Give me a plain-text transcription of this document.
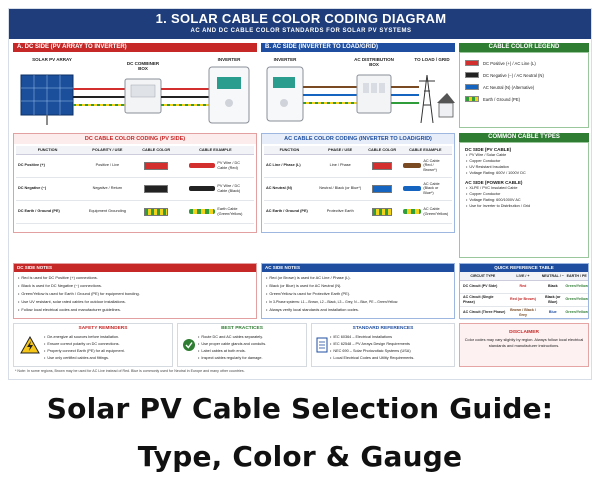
1. SOLAR CABLE COLOR CODING DIAGRAM
AC AND DC CABLE COLOR STANDARDS FOR SOLAR PV SYSTEMS
A. DC SIDE (PV ARRAY TO INVERTER)
SOLAR PV ARRAY
DC COMBINER BOX
INVERTER
B. AC SIDE (INVERTER TO LOAD/GRID)
INVERTER	AC DISTRIBUTION BOX
TO LOAD / GRID
CABLE COLOR LEGEND
DC Positive (+) / AC Line (L)
DC Negative (−) / AC Neutral (N)
AC Neutral (N) (Alternative)
Earth / Ground (PE)
DC CABLE COLOR CODING (PV SIDE)
FUNCTION	POLARITY / USE	CABLE COLOR	CABLE EXAMPLE
DC Positive (+)	Positive / Live		PV Wire / DC Cable (Red)
DC Negative (−)	Negative / Return		PV Wire / DC Cable (Black)
DC Earth / Ground (PE)	Equipment Grounding		Earth Cable (Green/Yellow)
AC CABLE COLOR CODING (INVERTER TO LOAD/GRID)
FUNCTION	PHASE / USE	CABLE COLOR	CABLE EXAMPLE
AC Line / Phase (L)	Line / Phase		AC Cable (Red / Brown*)
AC Neutral (N)	Neutral / Black (or Blue*)		AC Cable (Black or Blue*)
AC Earth / Ground (PE)	Protective Earth		AC Cable (Green/Yellow)
COMMON CABLE TYPES
DC SIDE (PV CABLE)
• PV Wire / Solar Cable
• Copper Conductor
• UV Resistant Insulation
• Voltage Rating: 600V / 1000V DC
AC SIDE (POWER CABLE)
• XLPE / PVC Insulated Cable
• Copper Conductor
• Voltage Rating: 600/1000V AC
• Use for Inverter to Distribution / Grid
DC SIDE NOTES
• Red is used for DC Positive (+) connections.
• Black is used for DC Negative (−) connections.
• Green/Yellow is used for Earth / Ground (PE) for equipment bonding.
• Use UV resistant, solar rated cables for outdoor installations.
• Follow local electrical codes and manufacturer guidelines.
AC SIDE NOTES
• Red (or Brown) is used for AC Line / Phase (L).
• Black (or Blue) is used for AC Neutral (N).
• Green/Yellow is used for Protective Earth (PE).
• In 3-Phase systems: L1 – Brown, L2 – Black, L3 – Grey, N – Blue, PE – Green/Yellow.
• Always verify local standards and installation codes.
QUICK REFERENCE TABLE
CIRCUIT TYPE	LIVE / +	NEUTRAL / −	EARTH / PE
DC Circuit (PV Side)	Red	Black	Green/Yellow
AC Circuit (Single Phase)	Red (or Brown)	Black (or Blue)	Green/Yellow
AC Circuit (Three Phase)	Brown / Black / Grey	Blue	Green/Yellow
SAFETY REMINDERS
• De-energize all sources before installation.
• Ensure correct polarity on DC connections.
• Properly connect Earth (PE) for all equipment.
• Use only certified cables and fittings.
BEST PRACTICES
• Route DC and AC cables separately.
• Use proper cable glands and conduits.
• Label cables at both ends.
• Inspect cables regularly for damage.
STANDARD REFERENCES
• IEC 60364 – Electrical Installations
• IEC 62548 – PV Arrays Design Requirements
• NEC 690 – Solar Photovoltaic Systems (USA)
• Local Electrical Codes and Utility Requirements.
DISCLAIMER
Color codes may vary slightly by region. Always follow local electrical standards and manufacturer instructions.
* Note: In some regions, Brown may be used for AC Live instead of Red. Blue is commonly used for Neutral in Europe and many other countries.
Solar PV Cable Selection Guide:
Type, Color & Gauge
